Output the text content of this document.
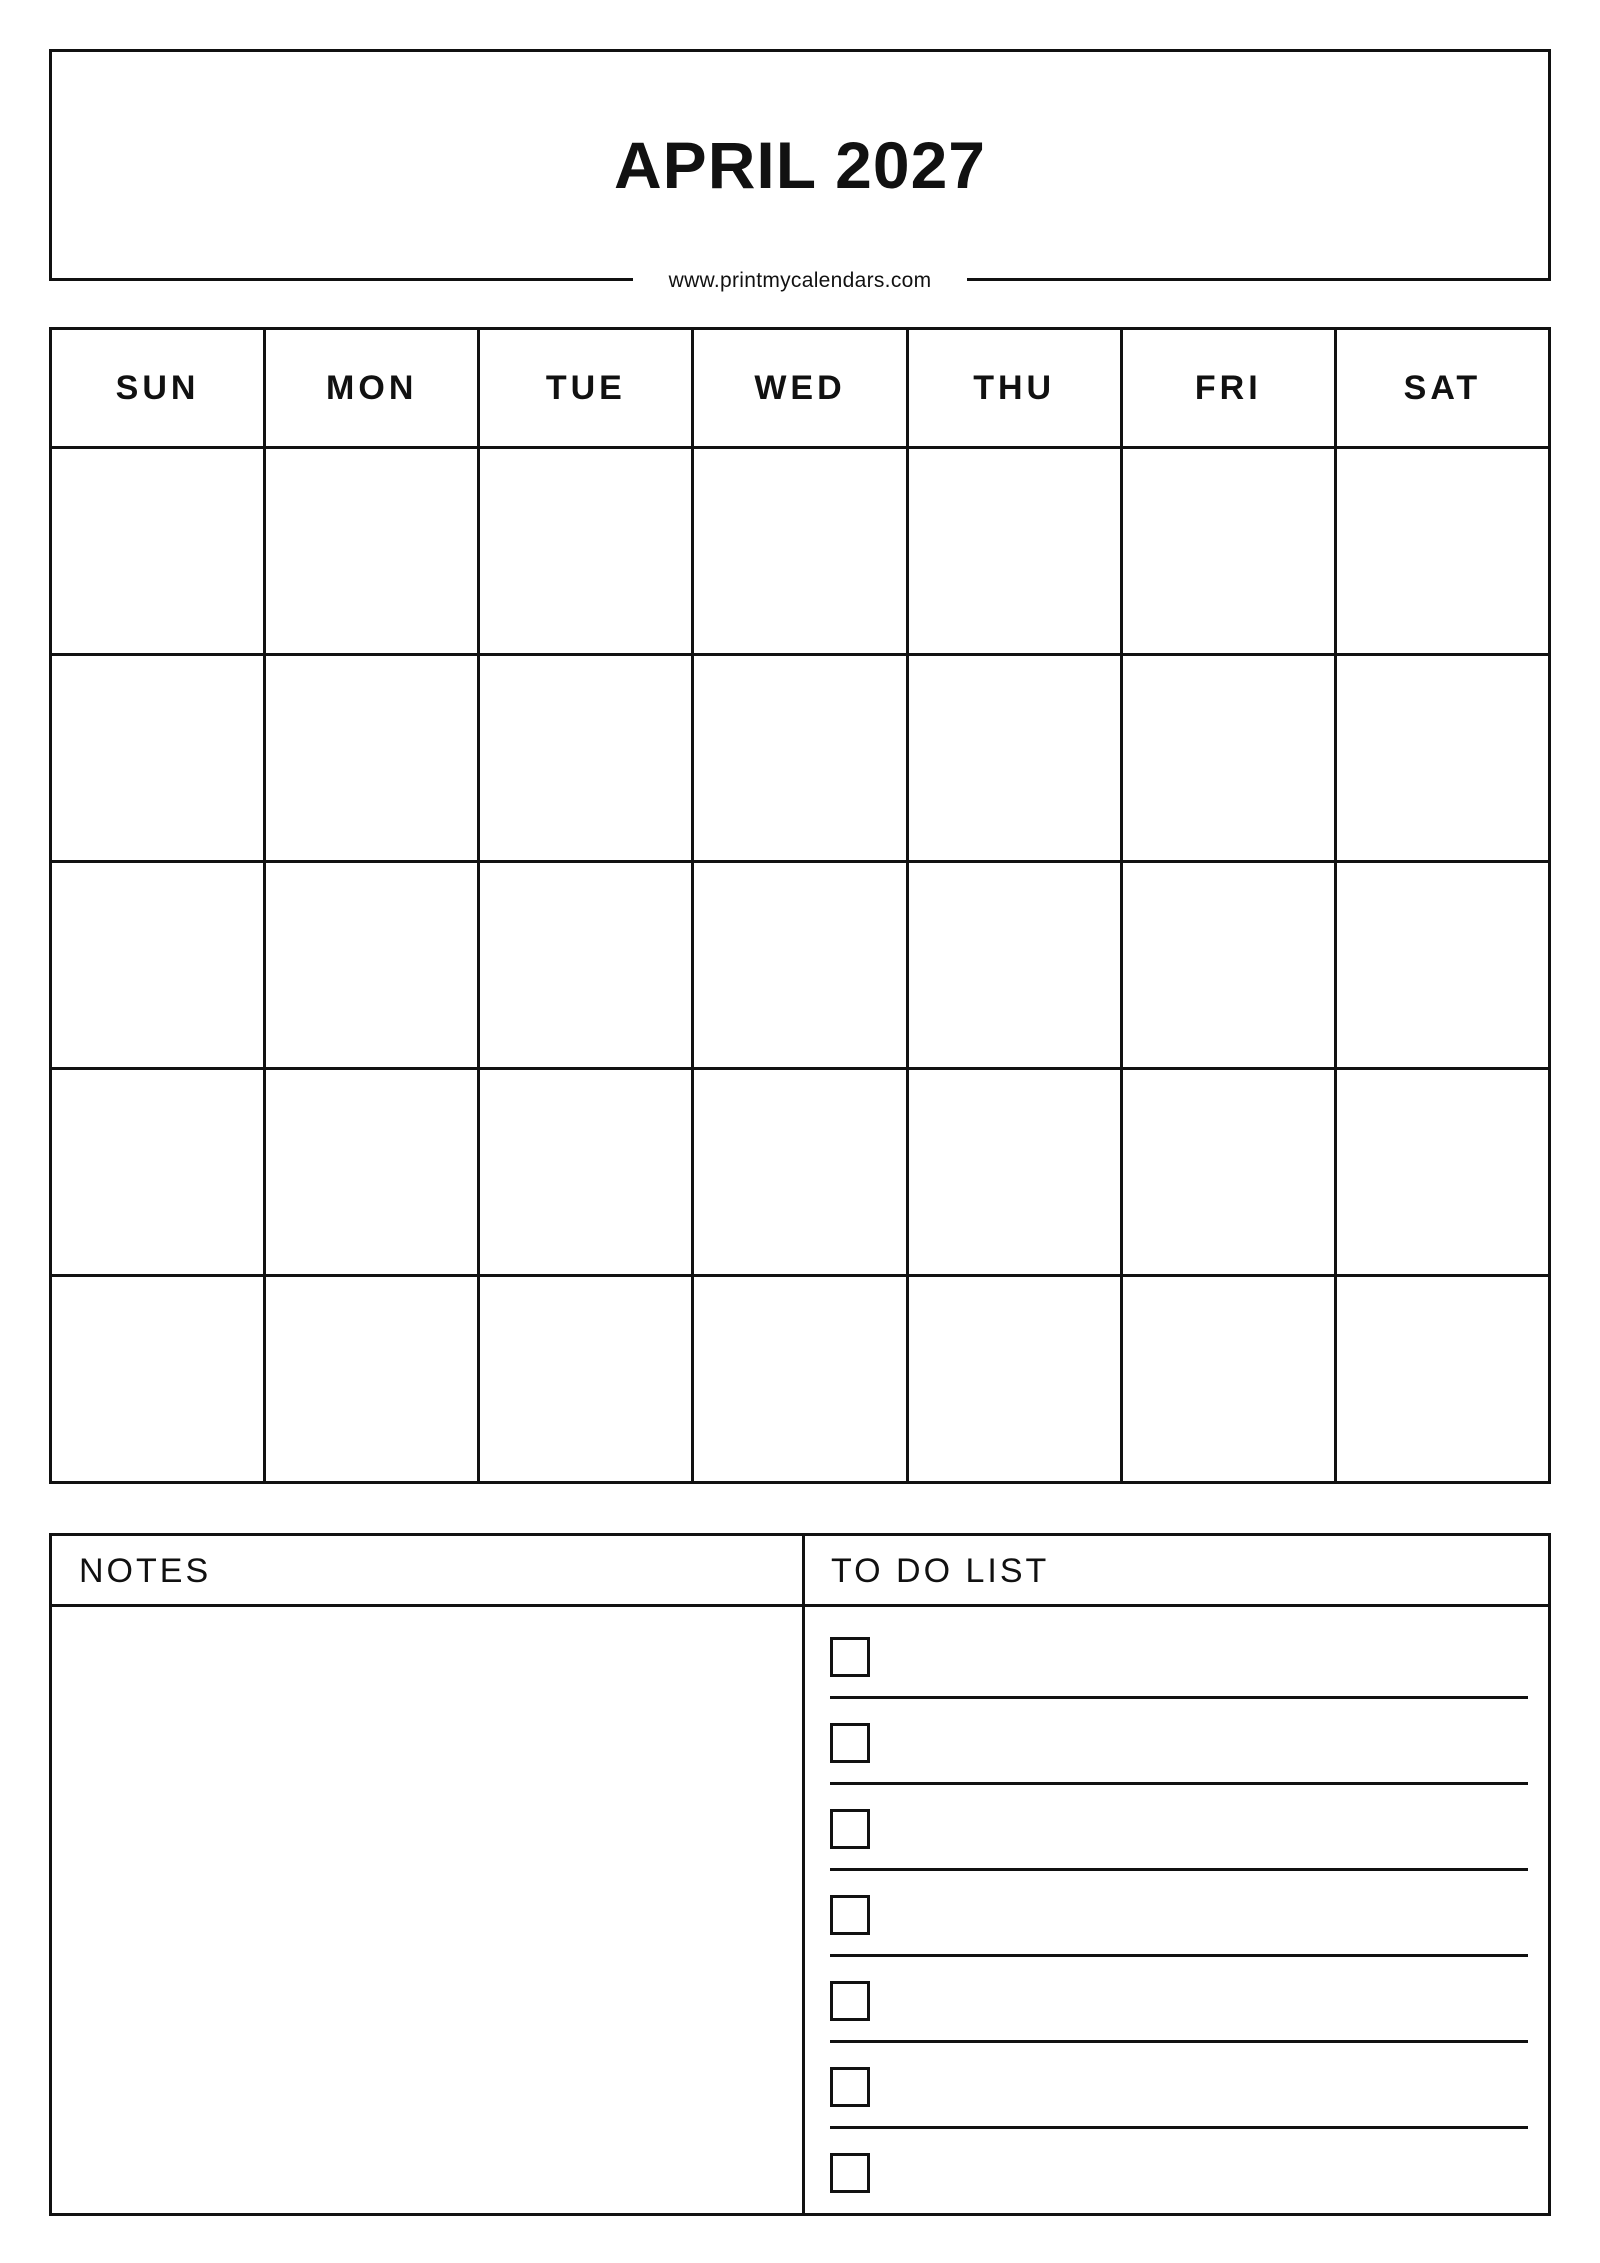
APRIL 2027
www.printmycalendars.com
SUN	MON	TUE	WED	THU	FRI	SAT

NOTES	TO DO LIST
